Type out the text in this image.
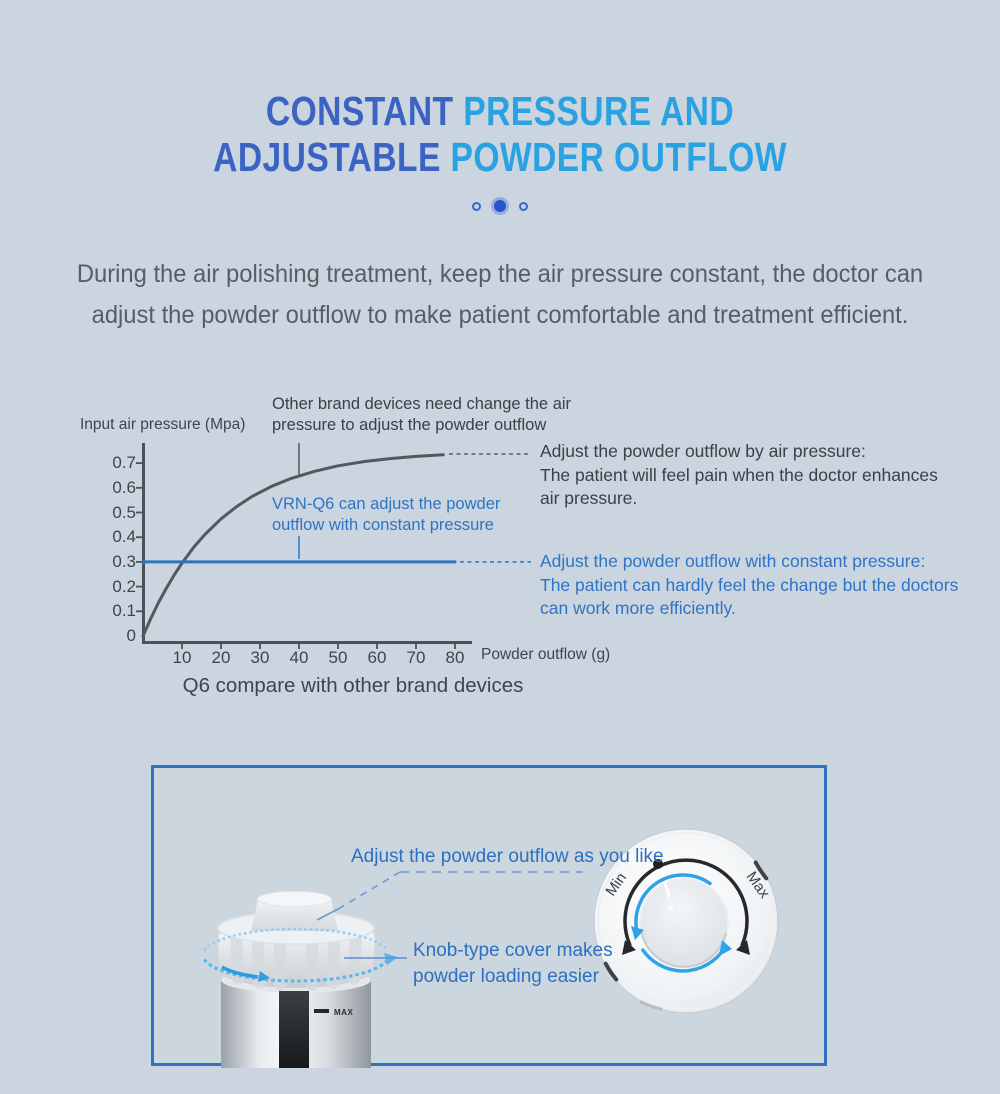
CONSTANT PRESSURE AND
ADJUSTABLE POWDER OUTFLOW
During the air polishing treatment, keep the air pressure constant, the doctor can
adjust the powder outflow to make patient comfortable and treatment efficient.
Input air pressure (Mpa)
Powder outflow (g)
0.7
0.6
0.5
0.4
0.3
0.2
0.1
0
10	20	30	40	50	60	70	80
Other brand devices need change the air
pressure to adjust the powder outflow
VRN-Q6 can adjust the powder
outflow with constant pressure
Adjust the powder outflow by air pressure:
The patient will feel pain when the doctor enhances
air pressure.
Adjust the powder outflow with constant pressure:
The patient can hardly feel the change but the doctors
can work more efficiently.
Q6 compare with other brand devices
MAX
Min	Max
Adjust the powder outflow as you like
Knob-type cover makes
powder loading easier
